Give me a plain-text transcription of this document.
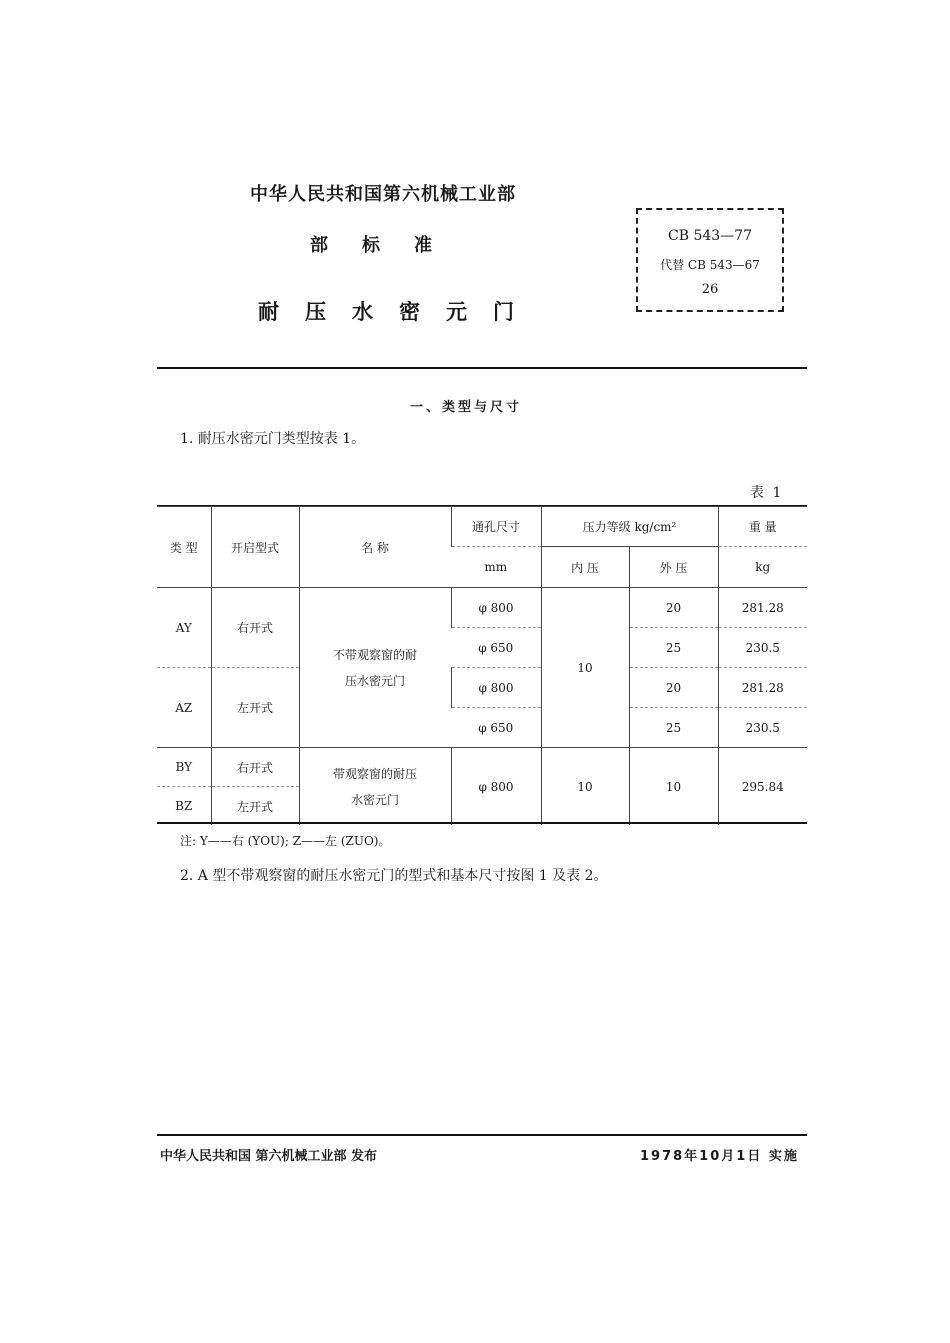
中华人民共和国第六机械工业部
部标准
耐压水密元门
CB 543—77
代替 CB 543—67
26
一、类型与尺寸
1. 耐压水密元门类型按表 1。
表 1
类 型	开启型式	名 称	通孔尺寸	压力等级 kg/cm²		重 量
			mm	内 压	外 压	kg
AY	右开式	不带观察窗的耐压水密元门	φ 800	10	20	281.28
			φ 650		25	230.5
AZ	左开式		φ 800		20	281.28
			φ 650		25	230.5
BY	右开式	带观察窗的耐压水密元门	φ 800	10	10	295.84
BZ	左开式					
注: Y——右 (YOU); Z——左 (ZUO)。
2. A 型不带观察窗的耐压水密元门的型式和基本尺寸按图 1 及表 2。
中华人民共和国 第六机械工业部 发布	1978年10月1日 实施
